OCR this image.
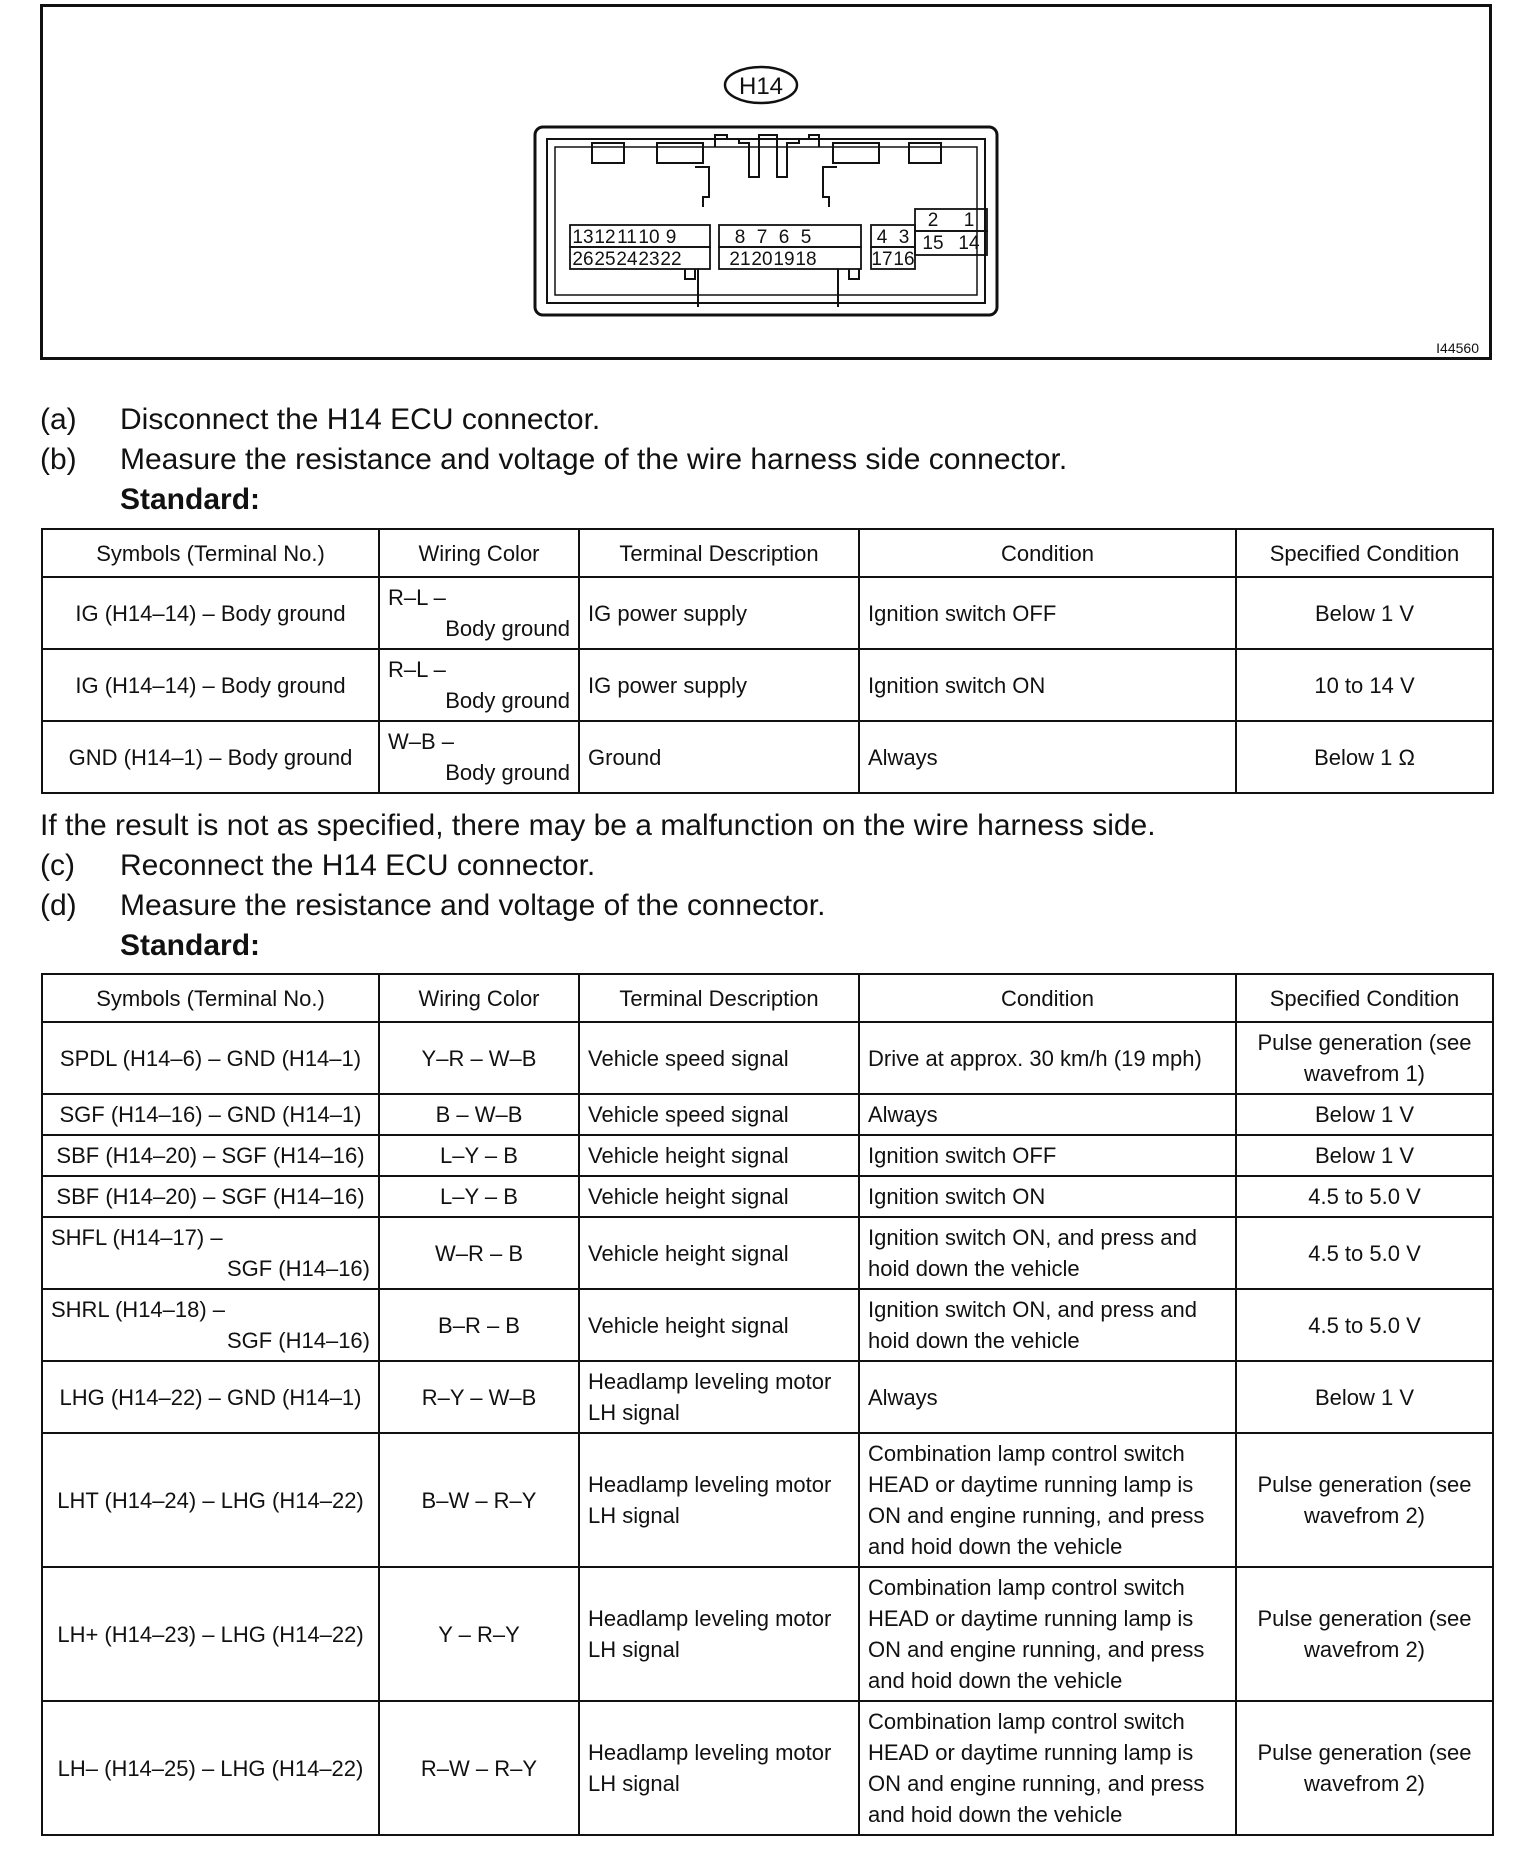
H14
13 12 11 10 9	8 7 6 5	4 3
26 25 24 23 22	21 20 19 18	17 16
2 1
15 14
I44560
(a) Disconnect the H14 ECU connector.
(b) Measure the resistance and voltage of the wire harness side connector.
Standard:
Symbols (Terminal No.)	Wiring Color	Terminal Description	Condition	Specified Condition
IG (H14–14) – Body ground	R–L –
Body ground	IG power supply	Ignition switch OFF	Below 1 V
IG (H14–14) – Body ground	R–L –
Body ground	IG power supply	Ignition switch ON	10 to 14 V
GND (H14–1) – Body ground	W–B –
Body ground	Ground	Always	Below 1 Ω
If the result is not as specified, there may be a malfunction on the wire harness side.
(c) Reconnect the H14 ECU connector.
(d) Measure the resistance and voltage of the connector.
Standard:
Symbols (Terminal No.)	Wiring Color	Terminal Description	Condition	Specified Condition
SPDL (H14–6) – GND (H14–1)	Y–R – W–B	Vehicle speed signal	Drive at approx. 30 km/h (19 mph)	Pulse generation (see wavefrom 1)
SGF (H14–16) – GND (H14–1)	B – W–B	Vehicle speed signal	Always	Below 1 V
SBF (H14–20) – SGF (H14–16)	L–Y – B	Vehicle height signal	Ignition switch OFF	Below 1 V
SBF (H14–20) – SGF (H14–16)	L–Y – B	Vehicle height signal	Ignition switch ON	4.5 to 5.0 V

SHFL (H14–17) –
SGF (H14–16)	W–R – B	Vehicle height signal	Ignition switch ON, and press and hoid down the vehicle	4.5 to 5.0 V

SHRL (H14–18) –
SGF (H14–16)	B–R – B	Vehicle height signal	Ignition switch ON, and press and hoid down the vehicle	4.5 to 5.0 V
LHG (H14–22) – GND (H14–1)	R–Y – W–B	Headlamp leveling motor LH signal	Always	Below 1 V
LHT (H14–24) – LHG (H14–22)	B–W – R–Y	Headlamp leveling motor LH signal	Combination lamp control switch HEAD or daytime running lamp is ON and engine running, and press and hoid down the vehicle	Pulse generation (see wavefrom 2)
LH+ (H14–23) – LHG (H14–22)	Y – R–Y	Headlamp leveling motor LH signal	Combination lamp control switch HEAD or daytime running lamp is ON and engine running, and press and hoid down the vehicle	Pulse generation (see wavefrom 2)
LH– (H14–25) – LHG (H14–22)	R–W – R–Y	Headlamp leveling motor LH signal	Combination lamp control switch HEAD or daytime running lamp is ON and engine running, and press and hoid down the vehicle	Pulse generation (see wavefrom 2)
